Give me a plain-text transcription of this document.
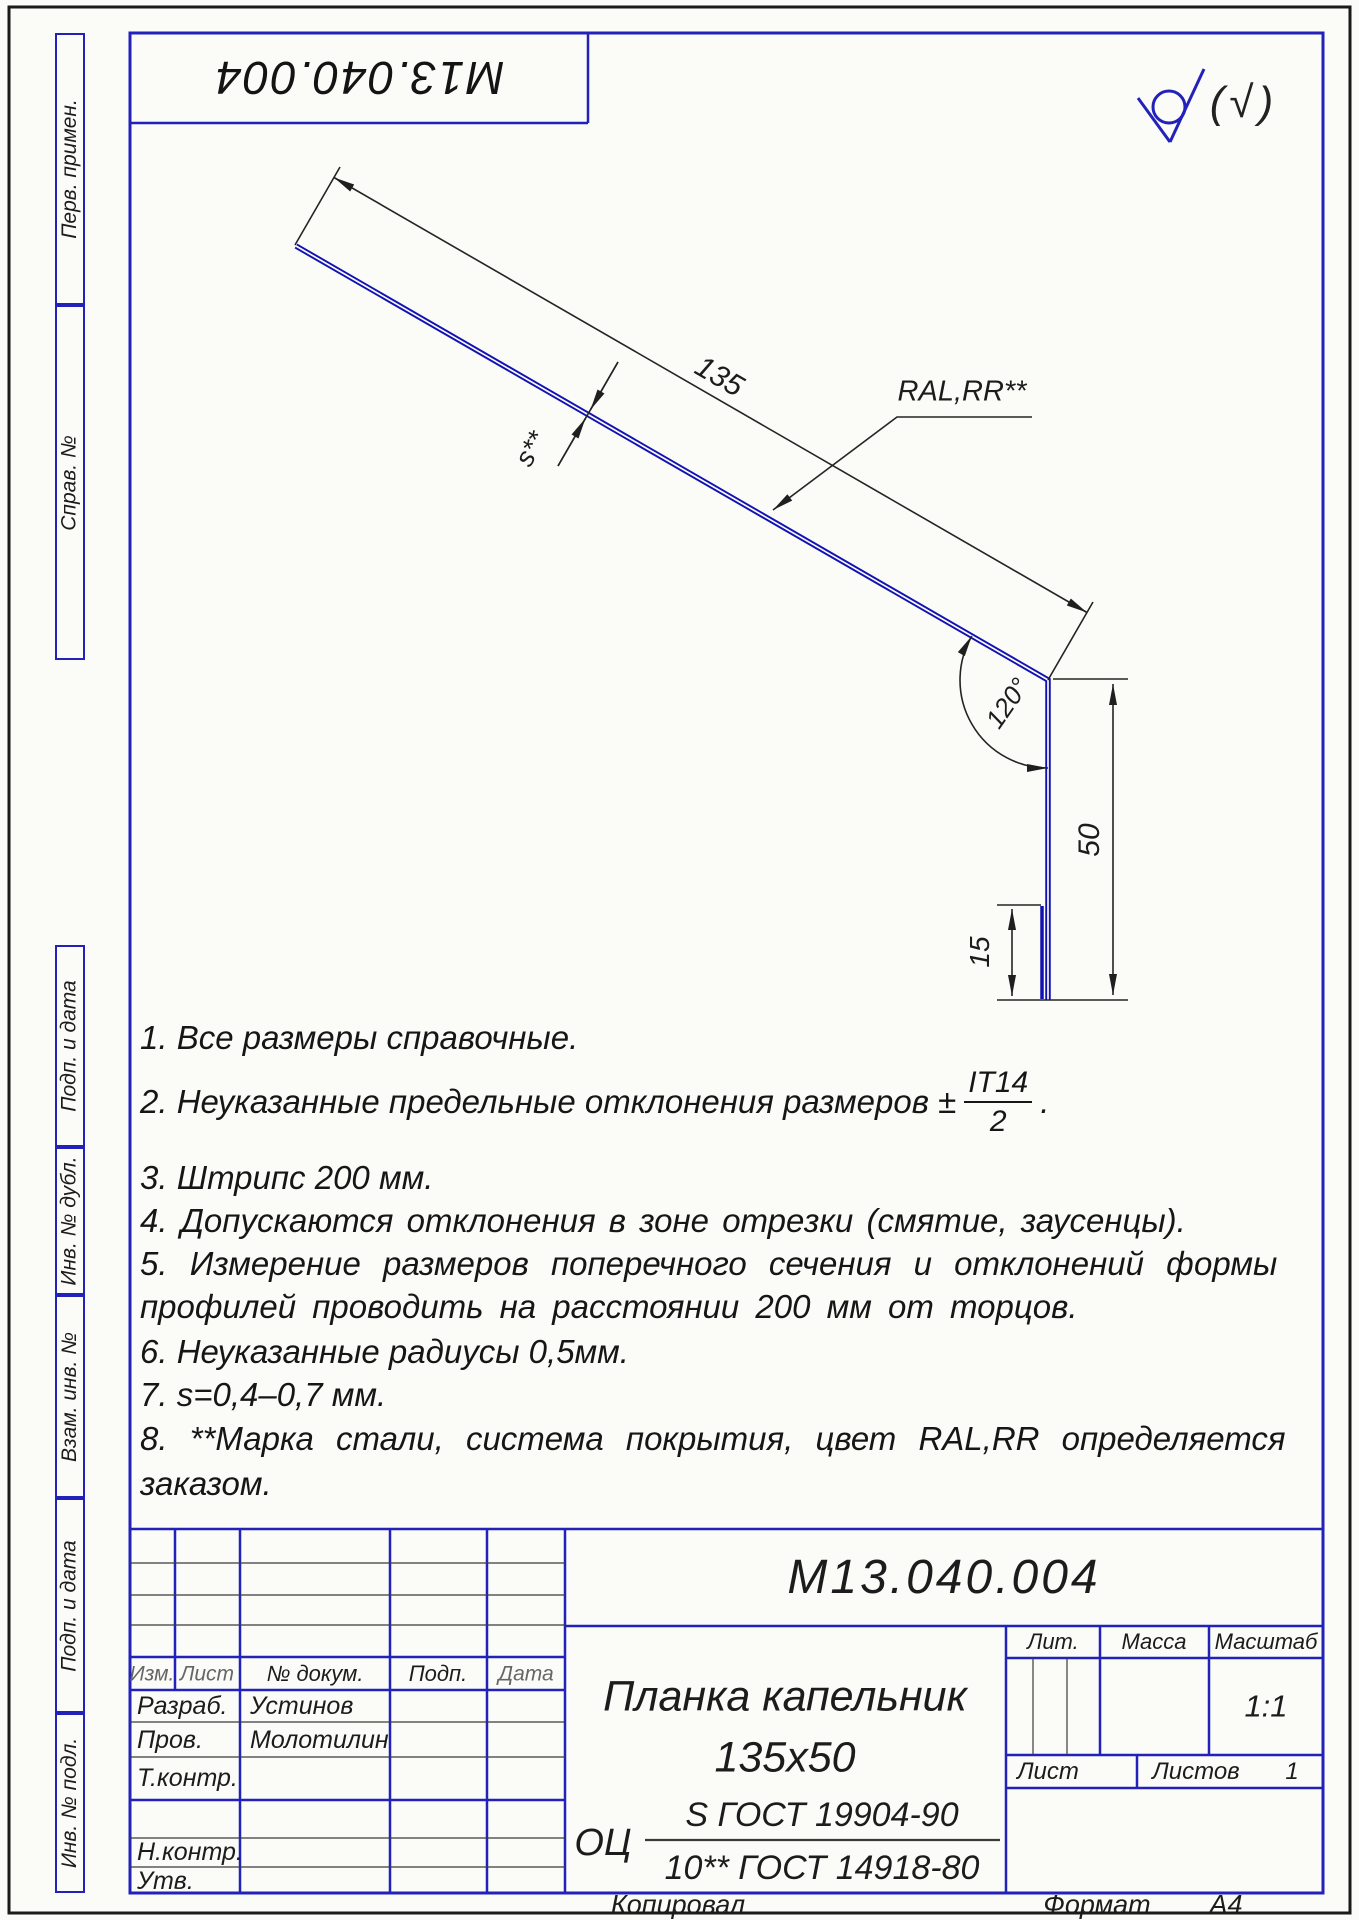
М13.040.004	(√)
135
s**
RAL,RR**
120°
50
15
1. Все размеры справочные.
2. Неуказанные предельные отклонения размеров ± $\frac{IT14}{2}$ .
3. Штрипс 200 мм.
4. Допускаются отклонения в зоне отрезки (смятие, заусенцы).
5. Измерение размеров поперечного сечения и отклонений формы
профилей проводить на расстоянии 200 мм от торцов.
6. Неуказанные радиусы 0,5мм.
7. s=0,4–0,7 мм.
8. **Марка стали, система покрытия, цвет RAL,RR определяется
заказом.
Перв. примен.
Справ. №
Подп. и дата
Инв. № дубл.
Взам. инв. №
Подп. и дата
Инв. № подл.
Изм. Лист № докум. Подп. Дата
Разраб. Устинов
Пров. Молотилин
Т.контр.
Н.контр.
Утв.
М13.040.004
Планка капельник
135х50
Лит. Масса Масштаб
1:1
Лист	Листов 1
ОЦ
S ГОСТ 19904-90
10** ГОСТ 14918-80
Копировал	Формат А4
